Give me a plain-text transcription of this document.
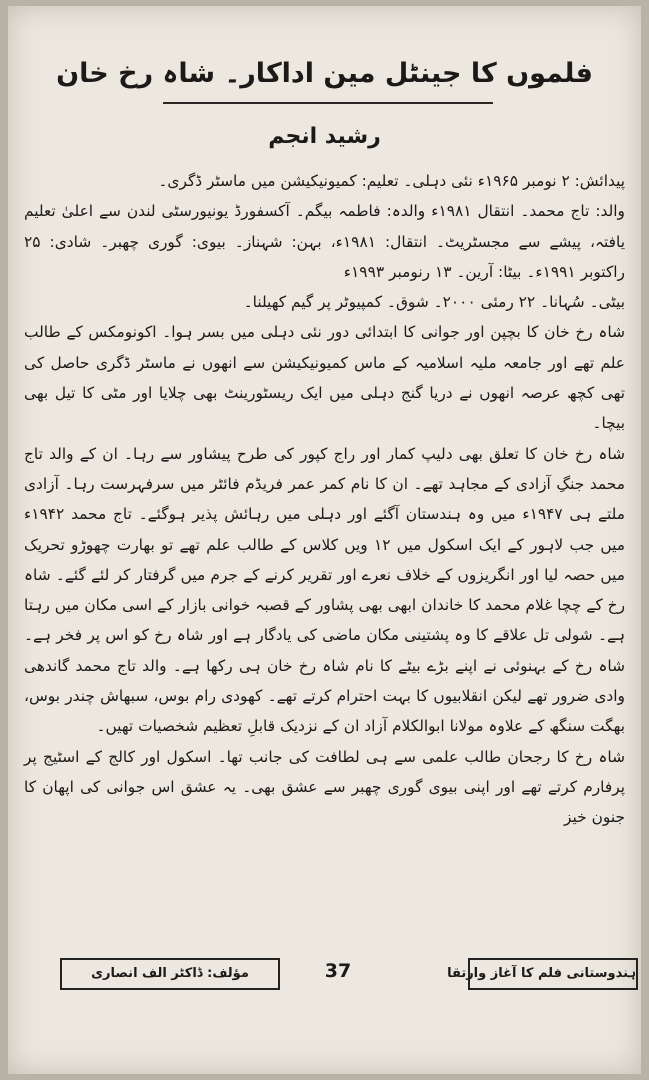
فلموں کا جینٹل مین اداکار۔ شاہ رخ خان
رشید انجم

پیدائش: ۲ نومبر ۱۹۶۵ء نئی دہلی۔ تعلیم: کمیونیکیشن میں ماسٹر ڈگری۔

والد: تاج محمد۔ انتقال ۱۹۸۱ء والدہ: فاطمہ بیگم۔ آکسفورڈ یونیورسٹی لندن سے اعلیٰ تعلیم یافتہ، پیشے سے مجسٹریٹ۔ انتقال: ۱۹۸۱ء، بہن: شہناز۔ بیوی: گوری چھبر۔ شادی: ۲۵ راکتوبر ۱۹۹۱ء۔ بیٹا: آرین۔ ۱۳ رنومبر ۱۹۹۳ء

بیٹی۔ سُہانا۔ ۲۲ رمئی ۲۰۰۰۔ شوق۔ کمپیوٹر پر گیم کھیلنا۔

شاہ رخ خان کا بچپن اور جوانی کا ابتدائی دور نئی دہلی میں بسر ہوا۔ اکونومکس کے طالب علم تھے اور جامعہ ملیہ اسلامیہ کے ماس کمیونیکیشن سے انھوں نے ماسٹر ڈگری حاصل کی تھی کچھ عرصہ انھوں نے دریا گنج دہلی میں ایک ریسٹورینٹ بھی چلایا اور مٹی کا تیل بھی بیچا۔

شاہ رخ خان کا تعلق بھی دلیپ کمار اور راج کپور کی طرح پیشاور سے رہا۔ ان کے والد تاج محمد جنگِ آزادی کے مجاہد تھے۔ ان کا نام کمر عمر فریڈم فائٹر میں سرفہرست رہا۔ آزادی ملتے ہی ۱۹۴۷ء میں وہ ہندستان آگئے اور دہلی میں رہائش پذیر ہوگئے۔ تاج محمد ۱۹۴۲ء میں جب لاہور کے ایک اسکول میں ۱۲ ویں کلاس کے طالب علم تھے تو بھارت چھوڑو تحریک میں حصہ لیا اور انگریزوں کے خلاف نعرے اور تقریر کرنے کے جرم میں گرفتار کر لئے گئے۔ شاہ رخ کے چچا غلام محمد کا خاندان ابھی بھی پشاور کے قصبہ خوانی بازار کے اسی مکان میں رہتا ہے۔ شولی تل علاقے کا وہ پشتینی مکان ماضی کی یادگار ہے اور شاہ رخ کو اس پر فخر ہے۔ شاہ رخ کے بہنوئی نے اپنے بڑے بیٹے کا نام شاہ رخ خان ہی رکھا ہے۔ والد تاج محمد گاندھی وادی ضرور تھے لیکن انقلابیوں کا بہت احترام کرتے تھے۔ کھودی رام بوس، سبھاش چندر بوس، بھگت سنگھ کے علاوہ مولانا ابوالکلام آزاد ان کے نزدیک قابلِ تعظیم شخصیات تھیں۔

شاہ رخ کا رجحان طالب علمی سے ہی لطافت کی جانب تھا۔ اسکول اور کالج کے اسٹیج پر پرفارم کرتے تھے اور اپنی بیوی گوری چھبر سے عشق بھی۔ یہ عشق اس جوانی کی اپھان کا جنون خیز

مؤلف: ڈاکٹر الف انصاری	37	ہندوستانی فلم کا آغاز وارتقا
